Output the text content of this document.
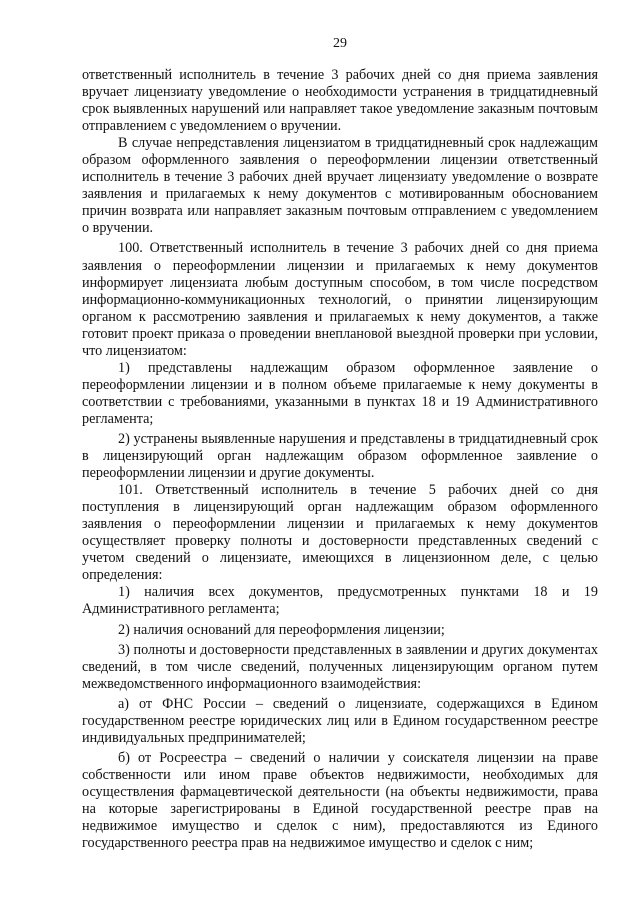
29

ответственный исполнитель в течение 3 рабочих дней со дня приема заявления вручает лицензиату уведомление о необходимости устранения в тридцатидневный срок выявленных нарушений или направляет такое уведомление заказным почтовым отправлением с уведомлением о вручении.

В случае непредставления лицензиатом в тридцатидневный срок надлежащим образом оформленного заявления о переоформлении лицензии ответственный исполнитель в течение 3 рабочих дней вручает лицензиату уведомление о возврате заявления и прилагаемых к нему документов с мотивированным обоснованием причин возврата или направляет заказным почтовым отправлением с уведомлением о вручении.

100. Ответственный исполнитель в течение 3 рабочих дней со дня приема заявления о переоформлении лицензии и прилагаемых к нему документов информирует лицензиата любым доступным способом, в том числе посредством информационно-коммуникационных технологий, о принятии лицензирующим органом к рассмотрению заявления и прилагаемых к нему документов, а также готовит проект приказа о проведении внеплановой выездной проверки при условии, что лицензиатом:

1) представлены надлежащим образом оформленное заявление о переоформлении лицензии и в полном объеме прилагаемые к нему документы в соответствии с требованиями, указанными в пунктах 18 и 19 Административного регламента;

2) устранены выявленные нарушения и представлены в тридцатидневный срок в лицензирующий орган надлежащим образом оформленное заявление о переоформлении лицензии и другие документы.

101. Ответственный исполнитель в течение 5 рабочих дней со дня поступления в лицензирующий орган надлежащим образом оформленного заявления о переоформлении лицензии и прилагаемых к нему документов осуществляет проверку полноты и достоверности представленных сведений с учетом сведений о лицензиате, имеющихся в лицензионном деле, с целью определения:

1) наличия всех документов, предусмотренных пунктами 18 и 19 Административного регламента;

2) наличия оснований для переоформления лицензии;

3) полноты и достоверности представленных в заявлении и других документах сведений, в том числе сведений, полученных лицензирующим органом путем межведомственного информационного взаимодействия:

а) от ФНС России – сведений о лицензиате, содержащихся в Едином государственном реестре юридических лиц или в Едином государственном реестре индивидуальных предпринимателей;

б) от Росреестра – сведений о наличии у соискателя лицензии на праве собственности или ином праве объектов недвижимости, необходимых для осуществления фармацевтической деятельности (на объекты недвижимости, права на которые зарегистрированы в Единой государственной реестре прав на недвижимое имущество и сделок с ним), предоставляются из Единого государственного реестра прав на недвижимое имущество и сделок с ним;
